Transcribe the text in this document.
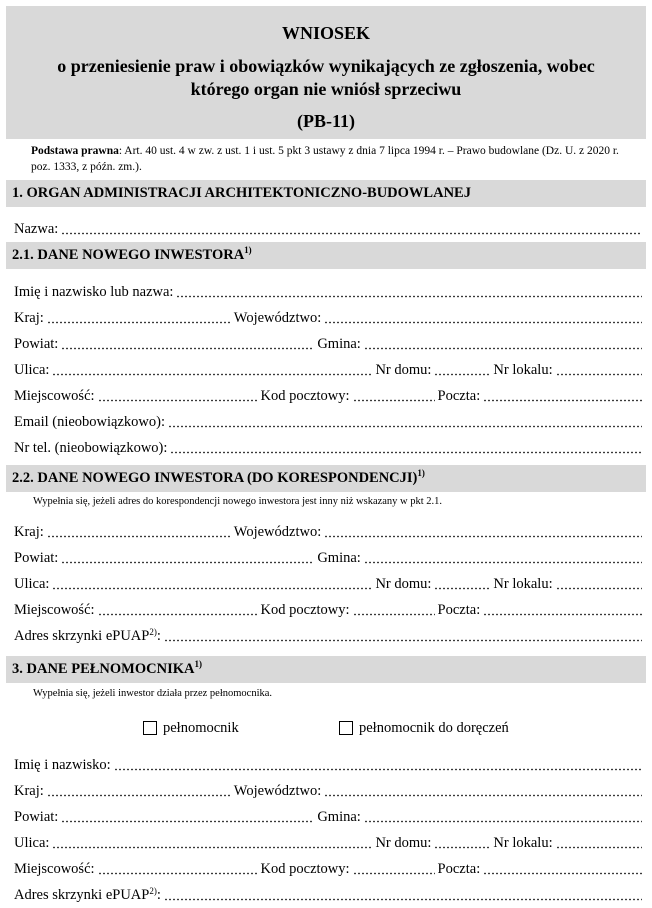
WNIOSEK
o przeniesienie praw i obowiązków wynikających ze zgłoszenia, wobec
którego organ nie wniósł sprzeciwu
(PB-11)
Podstawa prawna: Art. 40 ust. 4 w zw. z ust. 1 i ust. 5 pkt 3 ustawy z dnia 7 lipca 1994 r. – Prawo budowlane (Dz. U. z 2020 r. poz. 1333, z późn. zm.).
1. ORGAN ADMINISTRACJI ARCHITEKTONICZNO-BUDOWLANEJ
Nazwa:
2.1. DANE NOWEGO INWESTORA$^{1)}$
Imię i nazwisko lub nazwa:
Kraj:	Województwo:
Powiat:	Gmina:
Ulica:	Nr domu:	Nr lokalu:
Miejscowość:	Kod pocztowy:	Poczta:
Email (nieobowiązkowo):
Nr tel. (nieobowiązkowo):
2.2. DANE NOWEGO INWESTORA (DO KORESPONDENCJI)$^{1)}$
Wypełnia się, jeżeli adres do korespondencji nowego inwestora jest inny niż wskazany w pkt 2.1.
Kraj:	Województwo:
Powiat:	Gmina:
Ulica:	Nr domu:	Nr lokalu:
Miejscowość:	Kod pocztowy:	Poczta:
Adres skrzynki ePUAP$^{2)}$:
3. DANE PEŁNOMOCNIKA$^{1)}$
Wypełnia się, jeżeli inwestor działa przez pełnomocnika.
pełnomocnik	pełnomocnik do doręczeń
Imię i nazwisko:
Kraj:	Województwo:
Powiat:	Gmina:
Ulica:	Nr domu:	Nr lokalu:
Miejscowość:	Kod pocztowy:	Poczta:
Adres skrzynki ePUAP$^{2)}$:
